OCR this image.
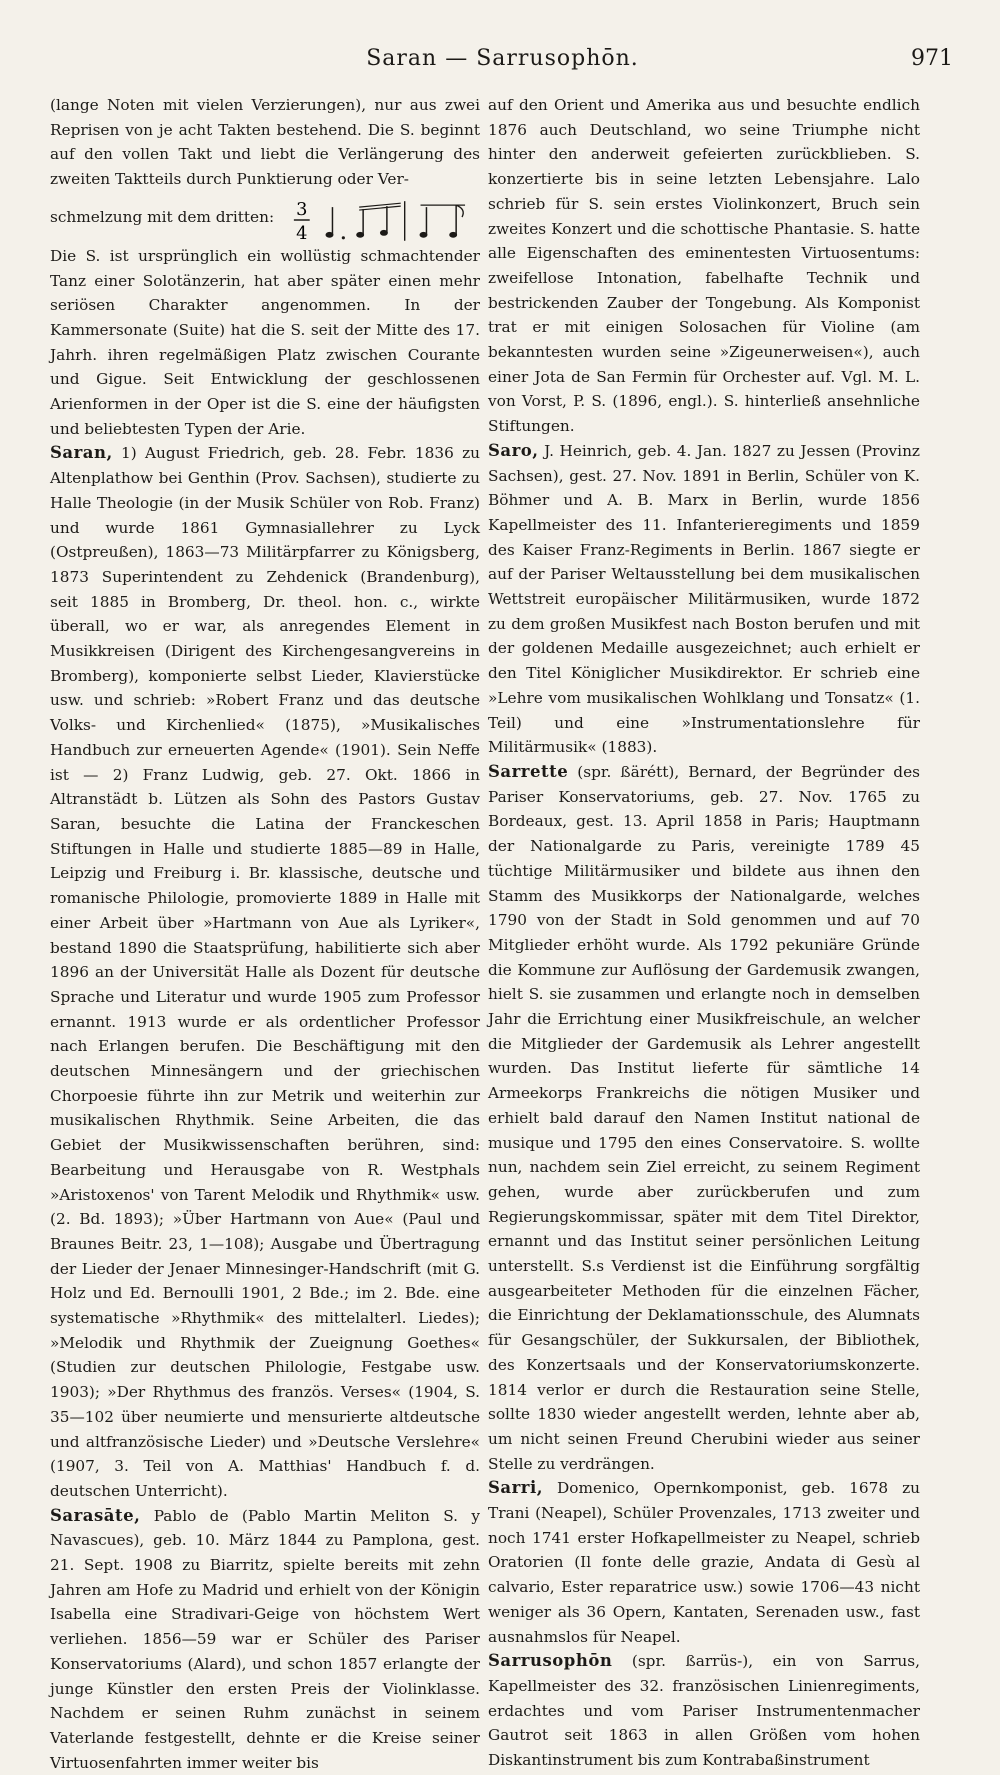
Saran — Sarrusophōn.	971

(lange Noten mit vielen Verzierungen), nur aus zwei Reprisen von je acht Takten bestehend. Die S. beginnt auf den vollen Takt und liebt die Verlängerung des zweiten Taktteils durch Punktierung oder Ver-

schmelzung mit dem dritten: 3
4

Die S. ist ursprünglich ein wollüstig schmachtender Tanz einer Solotänzerin, hat aber später einen mehr seriösen Charakter angenommen. In der Kammersonate (Suite) hat die S. seit der Mitte des 17. Jahrh. ihren regelmäßigen Platz zwischen Courante und Gigue. Seit Entwicklung der geschlossenen Arienformen in der Oper ist die S. eine der häufigsten und beliebtesten Typen der Arie.

Saran, 1) August Friedrich, geb. 28. Febr. 1836 zu Altenplathow bei Genthin (Prov. Sachsen), studierte zu Halle Theologie (in der Musik Schüler von Rob. Franz) und wurde 1861 Gymnasiallehrer zu Lyck (Ostpreußen), 1863—73 Militärpfarrer zu Königsberg, 1873 Superintendent zu Zehdenick (Brandenburg), seit 1885 in Bromberg, Dr. theol. hon. c., wirkte überall, wo er war, als anregendes Element in Musikkreisen (Dirigent des Kirchengesangvereins in Bromberg), komponierte selbst Lieder, Klavierstücke usw. und schrieb: »Robert Franz und das deutsche Volks- und Kirchenlied« (1875), »Musikalisches Handbuch zur erneuerten Agende« (1901). Sein Neffe ist — 2) Franz Ludwig, geb. 27. Okt. 1866 in Altranstädt b. Lützen als Sohn des Pastors Gustav Saran, besuchte die Latina der Franckeschen Stiftungen in Halle und studierte 1885—89 in Halle, Leipzig und Freiburg i. Br. klassische, deutsche und romanische Philologie, promovierte 1889 in Halle mit einer Arbeit über »Hartmann von Aue als Lyriker«, bestand 1890 die Staatsprüfung, habilitierte sich aber 1896 an der Universität Halle als Dozent für deutsche Sprache und Literatur und wurde 1905 zum Professor ernannt. 1913 wurde er als ordentlicher Professor nach Erlangen berufen. Die Beschäftigung mit den deutschen Minnesängern und der griechischen Chorpoesie führte ihn zur Metrik und weiterhin zur musikalischen Rhythmik. Seine Arbeiten, die das Gebiet der Musikwissenschaften berühren, sind: Bearbeitung und Herausgabe von R. Westphals »Aristoxenos' von Tarent Melodik und Rhythmik« usw. (2. Bd. 1893); »Über Hartmann von Aue« (Paul und Braunes Beitr. 23, 1—108); Ausgabe und Übertragung der Lieder der Jenaer Minnesinger-Handschrift (mit G. Holz und Ed. Bernoulli 1901, 2 Bde.; im 2. Bde. eine systematische »Rhythmik« des mittelalterl. Liedes); »Melodik und Rhythmik der Zueignung Goethes« (Studien zur deutschen Philologie, Festgabe usw. 1903); »Der Rhythmus des französ. Verses« (1904, S. 35—102 über neumierte und mensurierte altdeutsche und altfranzösische Lieder) und »Deutsche Verslehre« (1907, 3. Teil von A. Matthias' Handbuch f. d. deutschen Unterricht).

Sarasāte, Pablo de (Pablo Martin Meliton S. y Navascues), geb. 10. März 1844 zu Pamplona, gest. 21. Sept. 1908 zu Biarritz, spielte bereits mit zehn Jahren am Hofe zu Madrid und erhielt von der Königin Isabella eine Stradivari-Geige von höchstem Wert verliehen. 1856—59 war er Schüler des Pariser Konservatoriums (Alard), und schon 1857 erlangte der junge Künstler den ersten Preis der Violinklasse. Nachdem er seinen Ruhm zunächst in seinem Vaterlande festgestellt, dehnte er die Kreise seiner Virtuosenfahrten immer weiter bis

auf den Orient und Amerika aus und besuchte endlich 1876 auch Deutschland, wo seine Triumphe nicht hinter den anderweit gefeierten zurückblieben. S. konzertierte bis in seine letzten Lebensjahre. Lalo schrieb für S. sein erstes Violinkonzert, Bruch sein zweites Konzert und die schottische Phantasie. S. hatte alle Eigenschaften des eminentesten Virtuosentums: zweifellose Intonation, fabelhafte Technik und bestrickenden Zauber der Tongebung. Als Komponist trat er mit einigen Solosachen für Violine (am bekanntesten wurden seine »Zigeunerweisen«), auch einer Jota de San Fermin für Orchester auf. Vgl. M. L. von Vorst, P. S. (1896, engl.). S. hinterließ ansehnliche Stiftungen.

Saro, J. Heinrich, geb. 4. Jan. 1827 zu Jessen (Provinz Sachsen), gest. 27. Nov. 1891 in Berlin, Schüler von K. Böhmer und A. B. Marx in Berlin, wurde 1856 Kapellmeister des 11. Infanterieregiments und 1859 des Kaiser Franz-Regiments in Berlin. 1867 siegte er auf der Pariser Weltausstellung bei dem musikalischen Wettstreit europäischer Militärmusiken, wurde 1872 zu dem großen Musikfest nach Boston berufen und mit der goldenen Medaille ausgezeichnet; auch erhielt er den Titel Königlicher Musikdirektor. Er schrieb eine »Lehre vom musikalischen Wohlklang und Tonsatz« (1. Teil) und eine »Instrumentationslehre für Militärmusik« (1883).

Sarrette (spr. ßärétt), Bernard, der Begründer des Pariser Konservatoriums, geb. 27. Nov. 1765 zu Bordeaux, gest. 13. April 1858 in Paris; Hauptmann der Nationalgarde zu Paris, vereinigte 1789 45 tüchtige Militärmusiker und bildete aus ihnen den Stamm des Musikkorps der Nationalgarde, welches 1790 von der Stadt in Sold genommen und auf 70 Mitglieder erhöht wurde. Als 1792 pekuniäre Gründe die Kommune zur Auflösung der Gardemusik zwangen, hielt S. sie zusammen und erlangte noch in demselben Jahr die Errichtung einer Musikfreischule, an welcher die Mitglieder der Gardemusik als Lehrer angestellt wurden. Das Institut lieferte für sämtliche 14 Armeekorps Frankreichs die nötigen Musiker und erhielt bald darauf den Namen Institut national de musique und 1795 den eines Conservatoire. S. wollte nun, nachdem sein Ziel erreicht, zu seinem Regiment gehen, wurde aber zurückberufen und zum Regierungskommissar, später mit dem Titel Direktor, ernannt und das Institut seiner persönlichen Leitung unterstellt. S.s Verdienst ist die Einführung sorgfältig ausgearbeiteter Methoden für die einzelnen Fächer, die Einrichtung der Deklamationsschule, des Alumnats für Gesangschüler, der Sukkursalen, der Bibliothek, des Konzertsaals und der Konservatoriumskonzerte. 1814 verlor er durch die Restauration seine Stelle, sollte 1830 wieder angestellt werden, lehnte aber ab, um nicht seinen Freund Cherubini wieder aus seiner Stelle zu verdrängen.

Sarri, Domenico, Opernkomponist, geb. 1678 zu Trani (Neapel), Schüler Provenzales, 1713 zweiter und noch 1741 erster Hofkapellmeister zu Neapel, schrieb Oratorien (Il fonte delle grazie, Andata di Gesù al calvario, Ester reparatrice usw.) sowie 1706—43 nicht weniger als 36 Opern, Kantaten, Serenaden usw., fast ausnahmslos für Neapel.

Sarrusophōn (spr. ßarrüs-), ein von Sarrus, Kapellmeister des 32. französischen Linienregiments, erdachtes und vom Pariser Instrumentenmacher Gautrot seit 1863 in allen Größen vom hohen Diskantinstrument bis zum Kontrabaßinstrument
